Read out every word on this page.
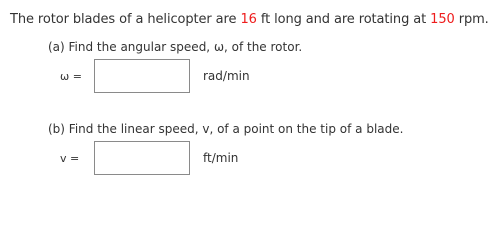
The rotor blades of a helicopter are 16 ft long and are rotating at 150 rpm.
(a) Find the angular speed, ω, of the rotor.
ω =	rad/min
(b) Find the linear speed, v, of a point on the tip of a blade.
v =	ft/min
